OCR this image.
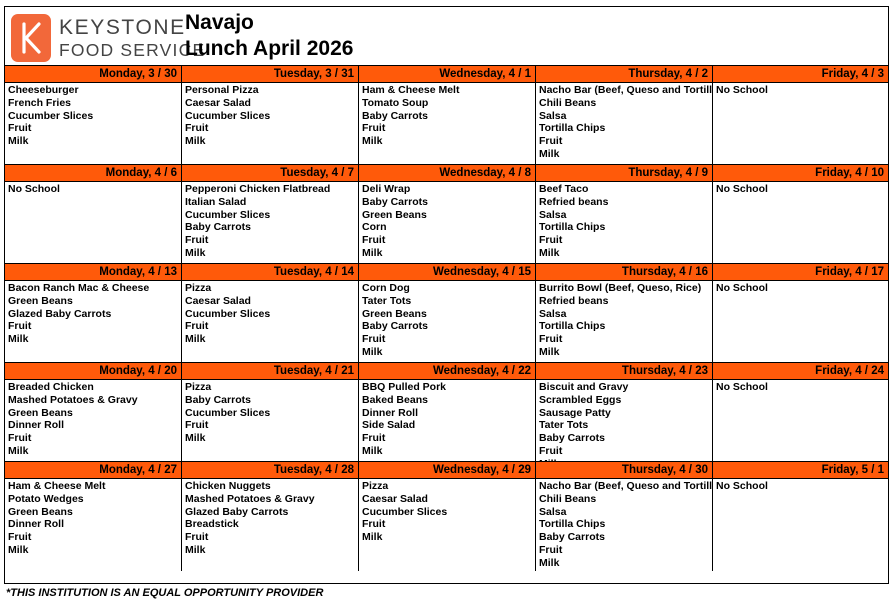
KEYSTONE
FOOD SERVICE
Navajo
Lunch April 2026
Monday, 3 / 30
Cheeseburger
French Fries
Cucumber Slices
Fruit
Milk
Tuesday, 3 / 31
Personal Pizza
Caesar Salad
Cucumber Slices
Fruit
Milk
Wednesday, 4 / 1
Ham & Cheese Melt
Tomato Soup
Baby Carrots
Fruit
Milk
Thursday, 4 / 2
Nacho Bar (Beef, Queso and Tortill
Chili Beans
Salsa
Tortilla Chips
Fruit
Milk
Friday, 4 / 3
No School
Monday, 4 / 6
No School
Tuesday, 4 / 7
Pepperoni Chicken Flatbread
Italian Salad
Cucumber Slices
Baby Carrots
Fruit
Milk
Wednesday, 4 / 8
Deli Wrap
Baby Carrots
Green Beans
Corn
Fruit
Milk
Thursday, 4 / 9
Beef Taco
Refried beans
Salsa
Tortilla Chips
Fruit
Milk
Friday, 4 / 10
No School
Monday, 4 / 13
Bacon Ranch Mac & Cheese
Green Beans
Glazed Baby Carrots
Fruit
Milk
Tuesday, 4 / 14
Pizza
Caesar Salad
Cucumber Slices
Fruit
Milk
Wednesday, 4 / 15
Corn Dog
Tater Tots
Green Beans
Baby Carrots
Fruit
Milk
Thursday, 4 / 16
Burrito Bowl (Beef, Queso, Rice)
Refried beans
Salsa
Tortilla Chips
Fruit
Milk
Friday, 4 / 17
No School
Monday, 4 / 20
Breaded Chicken
Mashed Potatoes & Gravy
Green Beans
Dinner Roll
Fruit
Milk
Tuesday, 4 / 21
Pizza
Baby Carrots
Cucumber Slices
Fruit
Milk
Wednesday, 4 / 22
BBQ Pulled Pork
Baked Beans
Dinner Roll
Side Salad
Fruit
Milk
Thursday, 4 / 23
Biscuit and Gravy
Scrambled Eggs
Sausage Patty
Tater Tots
Baby Carrots
Fruit
Friday, 4 / 24
No School
Monday, 4 / 27
Ham & Cheese Melt
Potato Wedges
Green Beans
Dinner Roll
Fruit
Milk
Tuesday, 4 / 28
Chicken Nuggets
Mashed Potatoes & Gravy
Glazed Baby Carrots
Breadstick
Fruit
Milk
Wednesday, 4 / 29
Pizza
Caesar Salad
Cucumber Slices
Fruit
Milk
Thursday, 4 / 30
Nacho Bar (Beef, Queso and Tortill
Chili Beans
Salsa
Tortilla Chips
Baby Carrots
Fruit
Milk
Friday, 5 / 1
No School
*THIS INSTITUTION IS AN EQUAL OPPORTUNITY PROVIDER
